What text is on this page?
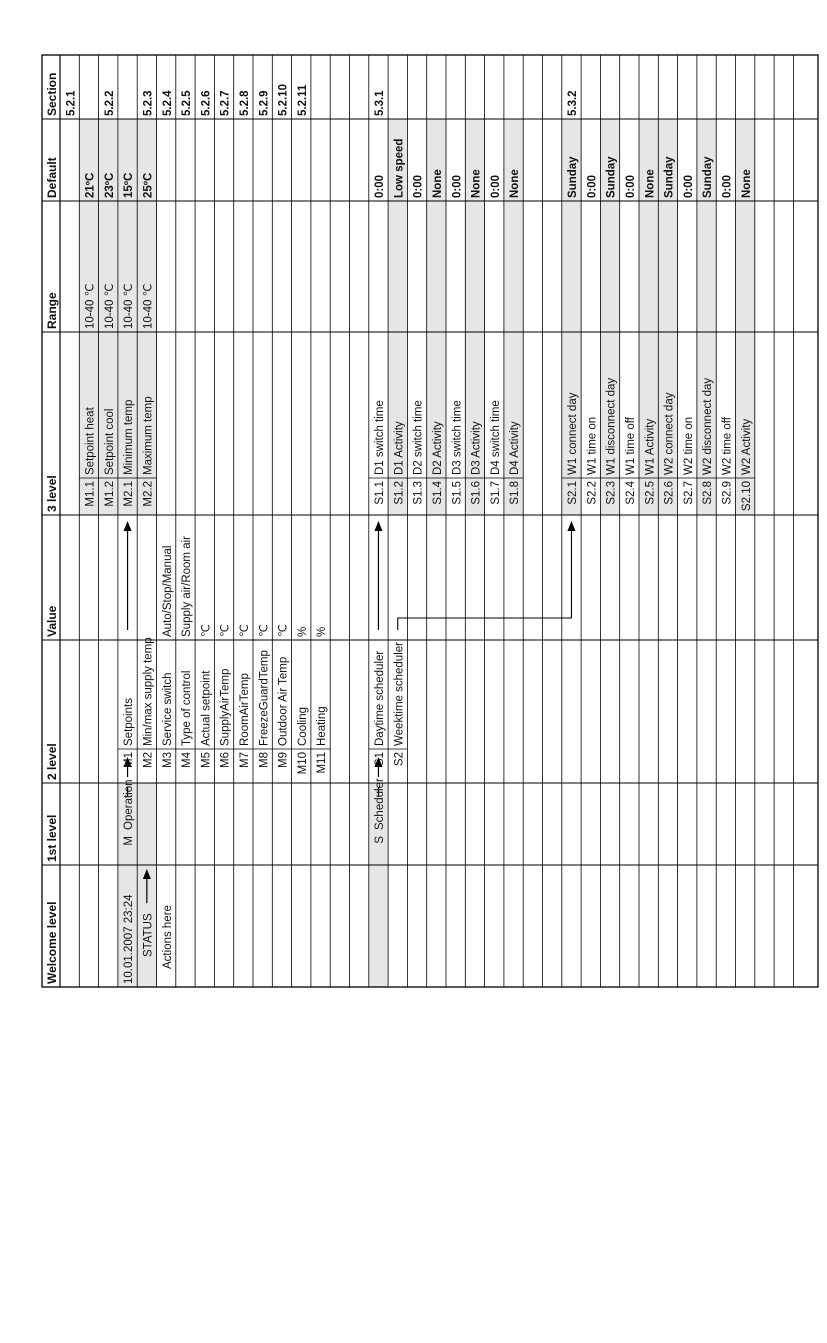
Welcome level
1st level
2 level
Value
3 level
Range
Default
Section 5.2.1
M1.1
Setpoint heat
10-40 ℃
21ºC
M1.2
Setpoint cool
10-40 ℃
23ºC
5.2.2
10.01.2007 23:24
M
Operation
M1
Setpoints
M2.1
Minimum temp
10-40 ℃
15ºC
STATUS
M2
Min/max supply temp
M2.2
Maximum temp
10-40 ℃
25ºC
5.2.3
Actions here
M3
Service switch
Auto/Stop/Manual
5.2.4
M4
Type of control
Supply air/Room air
5.2.5
M5
Actual setpoint
℃
5.2.6
M6
SupplyAirTemp
℃
5.2.7
M7
RoomAirTemp
℃
5.2.8
M8
FreezeGuardTemp
℃
5.2.9
M9
Outdoor Air Temp
℃
5.2.10
M10
Cooling
%
5.2.11
M11
Heating
%
S
Scheduler
S1
Daytime scheduler
S1.1
D1 switch time
0:00
5.3.1
S2
Weektime scheduler
S1.2
D1 Activity
Low speed
S1.3
D2 switch time
0:00
S1.4
D2 Activity
None
S1.5
D3 switch time
0:00
S1.6
D3 Activity
None
S1.7
D4 switch time
0:00
S1.8
D4 Activity
None
S2.1
W1 connect day
Sunday
5.3.2
S2.2
W1 time on
0:00
S2.3
W1 disconnect day
Sunday
S2.4
W1 time off
0:00
S2.5
W1 Activity
None
S2.6
W2 connect day
Sunday
S2.7
W2 time on
0:00
S2.8
W2 disconnect day
Sunday
S2.9
W2 time off
0:00
S2.10
W2 Activity
None
